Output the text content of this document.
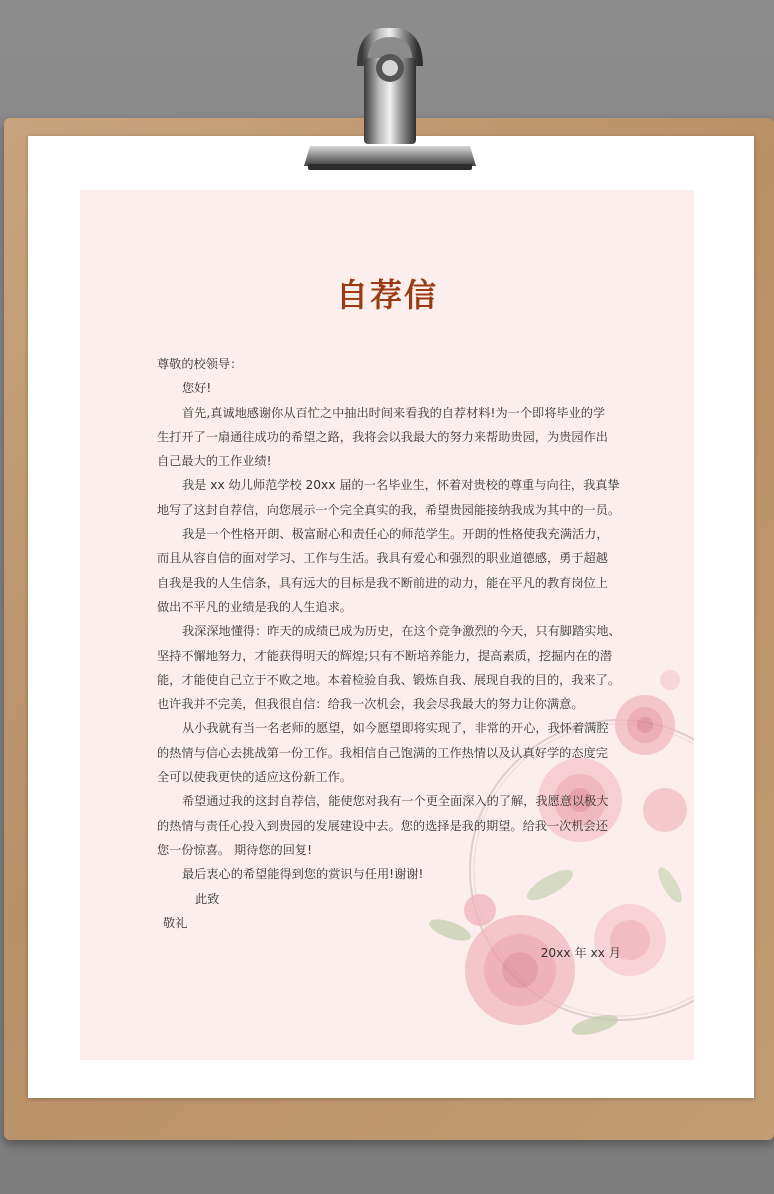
自荐信
尊敬的校领导：
您好!
首先,真诚地感谢你从百忙之中抽出时间来看我的自荐材料!为一个即将毕业的学
生打开了一扇通往成功的希望之路，我将会以我最大的努力来帮助贵园，为贵园作出
自己最大的工作业绩!
我是 xx 幼儿师范学校 20xx 届的一名毕业生，怀着对贵校的尊重与向往，我真挚
地写了这封自荐信，向您展示一个完全真实的我，希望贵园能接纳我成为其中的一员。
我是一个性格开朗、极富耐心和责任心的师范学生。开朗的性格使我充满活力，
而且从容自信的面对学习、工作与生活。我具有爱心和强烈的职业道德感，勇于超越
自我是我的人生信条，具有远大的目标是我不断前进的动力，能在平凡的教育岗位上
做出不平凡的业绩是我的人生追求。
我深深地懂得：昨天的成绩已成为历史，在这个竞争激烈的今天，只有脚踏实地、
坚持不懈地努力，才能获得明天的辉煌;只有不断培养能力，提高素质，挖掘内在的潜
能，才能使自己立于不败之地。本着检验自我、锻炼自我、展现自我的目的，我来了。
也许我并不完美，但我很自信：给我一次机会，我会尽我最大的努力让你满意。
从小我就有当一名老师的愿望，如今愿望即将实现了，非常的开心，我怀着满腔
的热情与信心去挑战第一份工作。我相信自己饱满的工作热情以及认真好学的态度完
全可以使我更快的适应这份新工作。
希望通过我的这封自荐信，能使您对我有一个更全面深入的了解，我愿意以极大
的热情与责任心投入到贵园的发展建设中去。您的选择是我的期望。给我一次机会还
您一份惊喜。 期待您的回复!
最后衷心的希望能得到您的赏识与任用!谢谢!
此致
敬礼
20xx 年 xx 月
